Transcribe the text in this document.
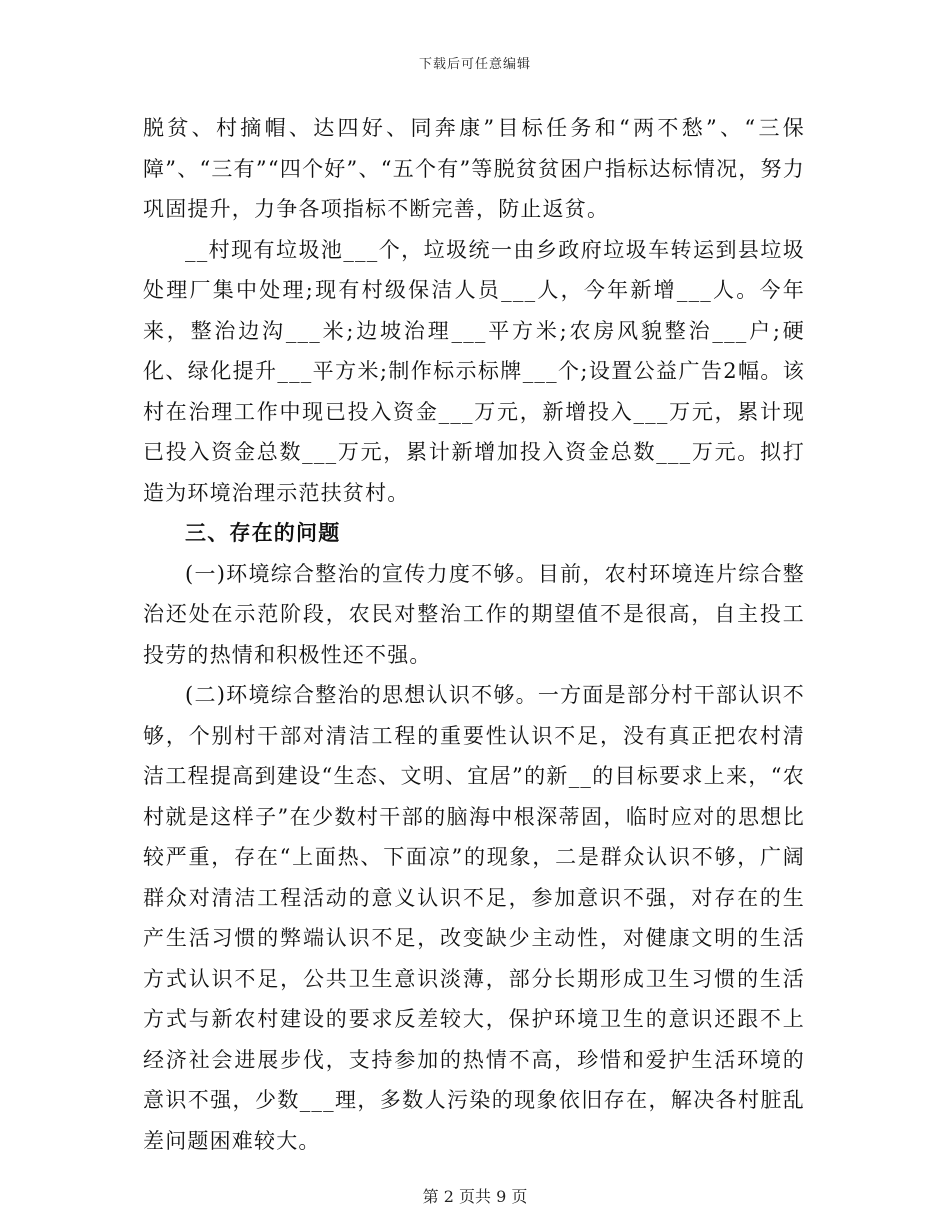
下载后可任意编辑

脱贫、村摘帽、达四好、同奔康”目标任务和“两不愁”、“三保障”、“三有”“四个好”、“五个有”等脱贫贫困户指标达标情况，努力巩固提升，力争各项指标不断完善，防止返贫。

__村现有垃圾池___个，垃圾统一由乡政府垃圾车转运到县垃圾处理厂集中处理;现有村级保洁人员___人，今年新增___人。今年来，整治边沟___米;边坡治理___平方米;农房风貌整治___户;硬化、绿化提升___平方米;制作标示标牌___个;设置公益广告2幅。该村在治理工作中现已投入资金___万元，新增投入___万元，累计现已投入资金总数___万元，累计新增加投入资金总数___万元。拟打造为环境治理示范扶贫村。

三、存在的问题

(一)环境综合整治的宣传力度不够。目前，农村环境连片综合整治还处在示范阶段，农民对整治工作的期望值不是很高，自主投工投劳的热情和积极性还不强。

(二)环境综合整治的思想认识不够。一方面是部分村干部认识不够，个别村干部对清洁工程的重要性认识不足，没有真正把农村清洁工程提高到建设“生态、文明、宜居”的新__的目标要求上来，“农村就是这样子”在少数村干部的脑海中根深蒂固，临时应对的思想比较严重，存在“上面热、下面凉”的现象，二是群众认识不够，广阔群众对清洁工程活动的意义认识不足，参加意识不强，对存在的生产生活习惯的弊端认识不足，改变缺少主动性，对健康文明的生活方式认识不足，公共卫生意识淡薄，部分长期形成卫生习惯的生活方式与新农村建设的要求反差较大，保护环境卫生的意识还跟不上经济社会进展步伐，支持参加的热情不高，珍惜和爱护生活环境的意识不强，少数___理，多数人污染的现象依旧存在，解决各村脏乱差问题困难较大。

第 2 页共 9 页
